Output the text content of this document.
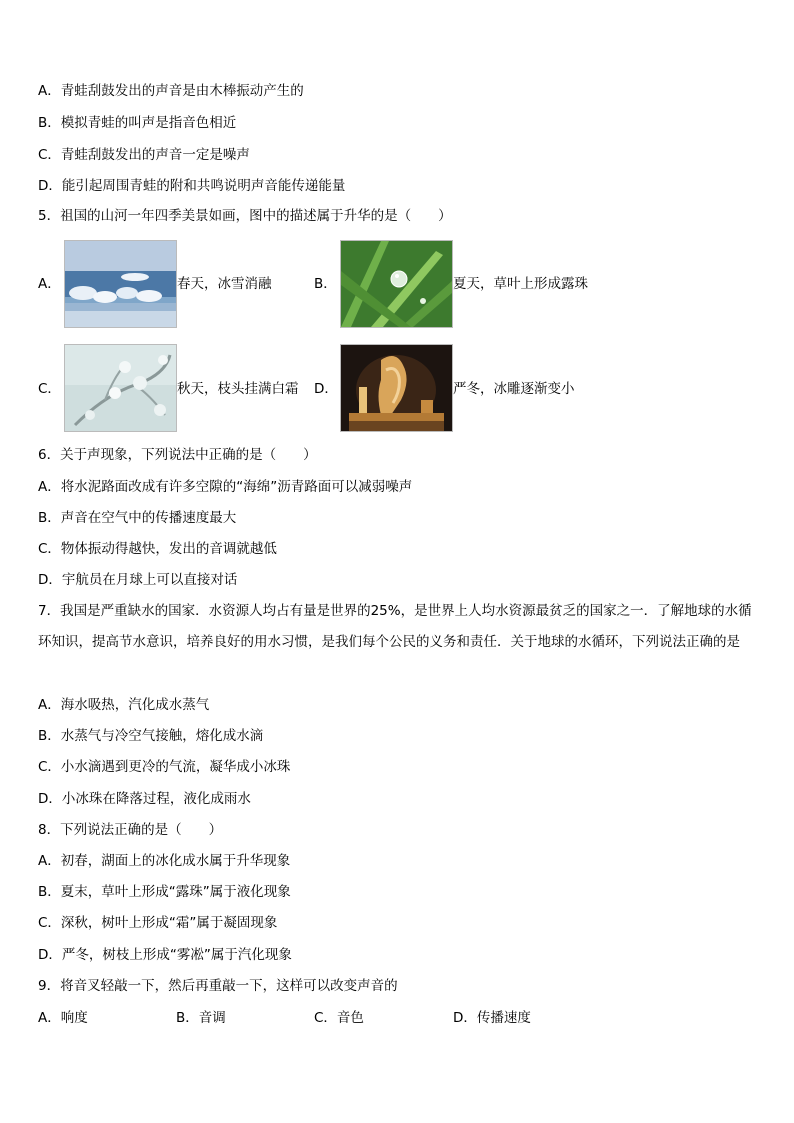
A．青蛙刮鼓发出的声音是由木棒振动产生的
B．模拟青蛙的叫声是指音色相近
C．青蛙刮鼓发出的声音一定是噪声
D．能引起周围青蛙的附和共鸣说明声音能传递能量
5．祖国的山河一年四季美景如画，图中的描述属于升华的是（　　）
A．	春天，冰雪消融	B．	夏天，草叶上形成露珠
C．	秋天，枝头挂满白霜 D．	严冬，冰雕逐渐变小
6．关于声现象，下列说法中正确的是（　　）
A．将水泥路面改成有许多空隙的“海绵”沥青路面可以减弱噪声
B．声音在空气中的传播速度最大
C．物体振动得越快，发出的音调就越低
D．宇航员在月球上可以直接对话
7．我国是严重缺水的国家．水资源人均占有量是世界的25%，是世界上人均水资源最贫乏的国家之一．了解地球的水循环知识，提高节水意识，培养良好的用水习惯，是我们每个公民的义务和责任．关于地球的水循环，下列说法正确的是
A．海水吸热，汽化成水蒸气
B．水蒸气与冷空气接触，熔化成水滴
C．小水滴遇到更冷的气流，凝华成小冰珠
D．小冰珠在降落过程，液化成雨水
8．下列说法正确的是（　　）
A．初春，湖面上的冰化成水属于升华现象
B．夏末，草叶上形成“露珠”属于液化现象
C．深秋，树叶上形成“霜”属于凝固现象
D．严冬，树枝上形成“雾凇”属于汽化现象
9．将音叉轻敲一下，然后再重敲一下，这样可以改变声音的
A．响度	B．音调	C．音色	D．传播速度
